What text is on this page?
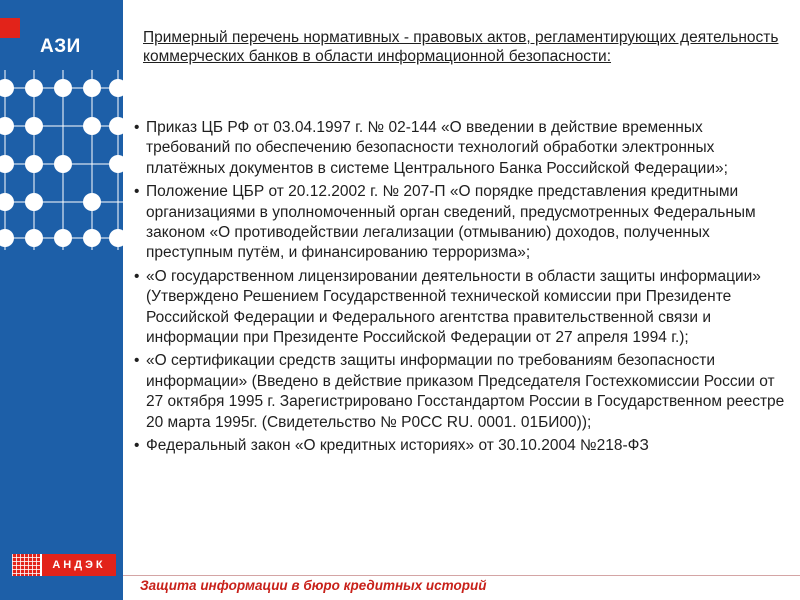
АЗИ
АНДЭК
Примерный перечень нормативных - правовых актов, регламентирующих деятельность коммерческих банков в области информационной безопасности:
• Приказ ЦБ РФ от 03.04.1997 г. № 02-144 «О введении в действие временных требований по обеспечению безопасности технологий обработки электронных платёжных документов в системе Центрального Банка Российской Федерации»;
• Положение ЦБР от 20.12.2002 г. № 207-П «О порядке представления кредитными организациями в уполномоченный орган сведений, предусмотренных Федеральным законом «О противодействии легализации (отмыванию) доходов, полученных преступным путём, и финансированию терроризма»;
• «О государственном лицензировании деятельности в области защиты информации» (Утверждено Решением Государственной технической комиссии при Президенте Российской Федерации и Федерального агентства правительственной связи и информации при Президенте Российской Федерации от 27 апреля 1994 г.);
• «О сертификации средств защиты информации по требованиям безопасности информации» (Введено в действие приказом Председателя Гостехкомиссии России от 27 октября 1995 г. Зарегистрировано Госстандартом России в Государственном реестре 20 марта 1995г. (Свидетельство № Р0СС RU. 0001. 01БИ00));
• Федеральный закон «О кредитных историях» от 30.10.2004 №218-ФЗ
Защита информации в бюро кредитных историй
